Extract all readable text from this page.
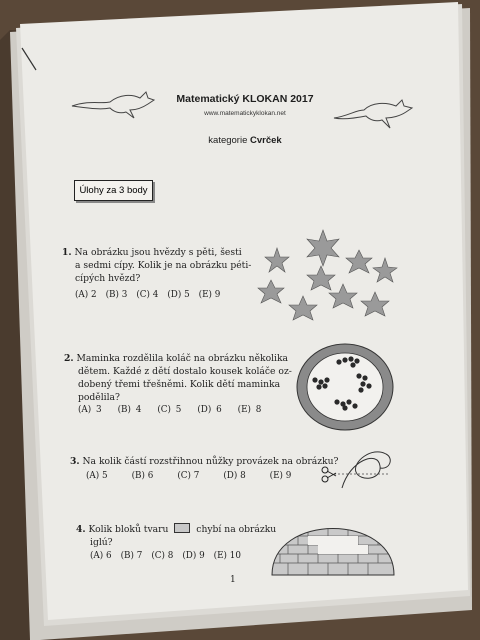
Matematický KLOKAN 2017
www.matematickyklokan.net
kategorie Cvrček
Úlohy za 3 body
1. Na obrázku jsou hvězdy s pěti, šesti
a sedmi cípy. Kolik je na obrázku péti-
cípých hvězd?
(A) 2 (B) 3 (C) 4 (D) 5 (E) 9
2. Maminka rozdělila koláč na obrázku několika
dětem. Každé z dětí dostalo kousek koláče oz-
dobený třemi třešněmi. Kolik dětí maminka
podělila?
(A) 3 (B) 4 (C) 5 (D) 6 (E) 8
3. Na kolik částí rozstřihnou nůžky provázek na obrázku?
(A) 5	(B) 6	(C) 7	(D) 8	(E) 9
4. Kolik bloků tvaru	chybí na obrázku
iglú?
(A) 6 (B) 7 (C) 8 (D) 9 (E) 10
1
